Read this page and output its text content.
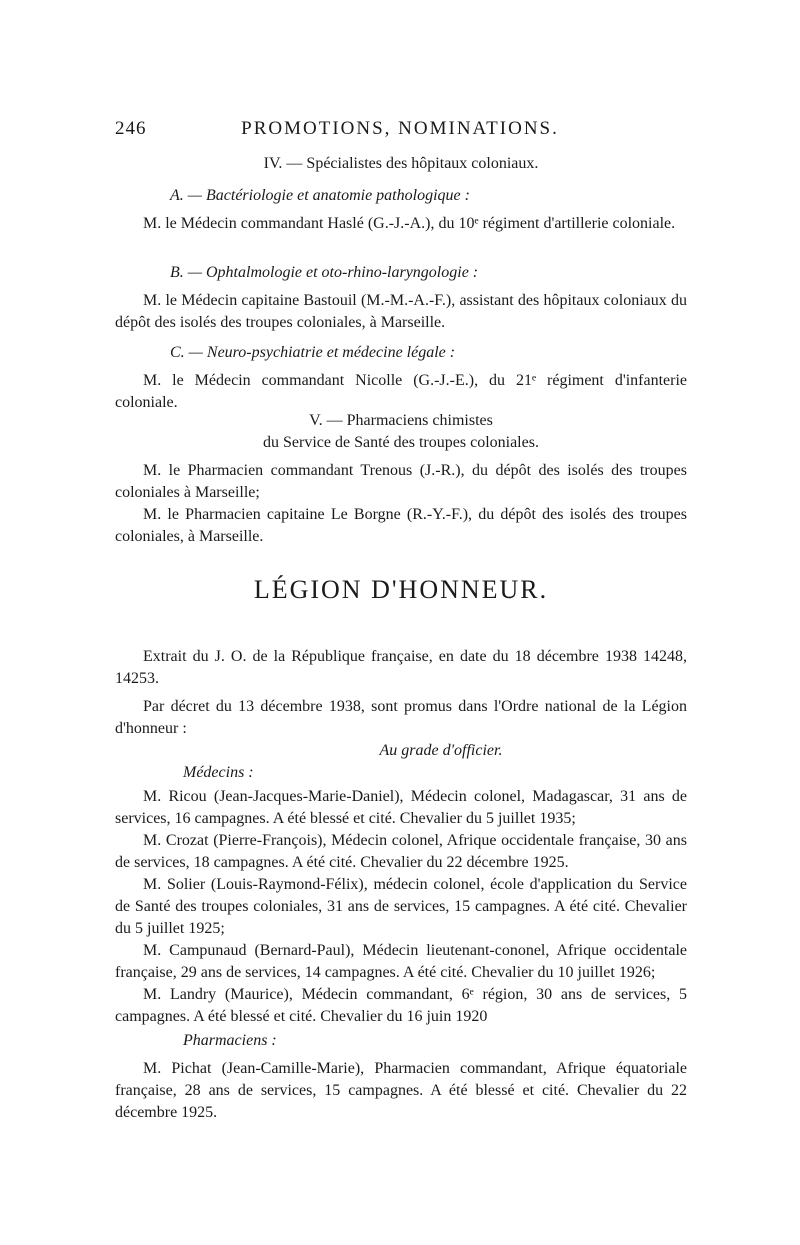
246	PROMOTIONS, NOMINATIONS.
IV. — Spécialistes des hôpitaux coloniaux.
A. — Bactériologie et anatomie pathologique :

M. le Médecin commandant Haslé (G.-J.-A.), du 10ᵉ régiment d'artillerie coloniale.

B. — Ophtalmologie et oto-rhino-laryngologie :

M. le Médecin capitaine Bastouil (M.-M.-A.-F.), assistant des hôpitaux coloniaux du dépôt des isolés des troupes coloniales, à Marseille.

C. — Neuro-psychiatrie et médecine légale :

M. le Médecin commandant Nicolle (G.-J.-E.), du 21ᵉ régiment d'infanterie coloniale.

V. — Pharmaciens chimistes
du Service de Santé des troupes coloniales.

M. le Pharmacien commandant Trenous (J.-R.), du dépôt des isolés des troupes coloniales à Marseille;

M. le Pharmacien capitaine Le Borgne (R.-Y.-F.), du dépôt des isolés des troupes coloniales, à Marseille.

LÉGION D'HONNEUR.

Extrait du J. O. de la République française, en date du 18 décembre 1938 14248, 14253.

Par décret du 13 décembre 1938, sont promus dans l'Ordre national de la Légion d'honneur :

Au grade d'officier.
Médecins :

M. Ricou (Jean-Jacques-Marie-Daniel), Médecin colonel, Madagascar, 31 ans de services, 16 campagnes. A été blessé et cité. Chevalier du 5 juillet 1935;

M. Crozat (Pierre-François), Médecin colonel, Afrique occidentale française, 30 ans de services, 18 campagnes. A été cité. Chevalier du 22 décembre 1925.

M. Solier (Louis-Raymond-Félix), médecin colonel, école d'application du Service de Santé des troupes coloniales, 31 ans de services, 15 campagnes. A été cité. Chevalier du 5 juillet 1925;

M. Campunaud (Bernard-Paul), Médecin lieutenant-cononel, Afrique occidentale française, 29 ans de services, 14 campagnes. A été cité. Chevalier du 10 juillet 1926;

M. Landry (Maurice), Médecin commandant, 6ᵉ région, 30 ans de services, 5 campagnes. A été blessé et cité. Chevalier du 16 juin 1920

Pharmaciens :

M. Pichat (Jean-Camille-Marie), Pharmacien commandant, Afrique équatoriale française, 28 ans de services, 15 campagnes. A été blessé et cité. Chevalier du 22 décembre 1925.
